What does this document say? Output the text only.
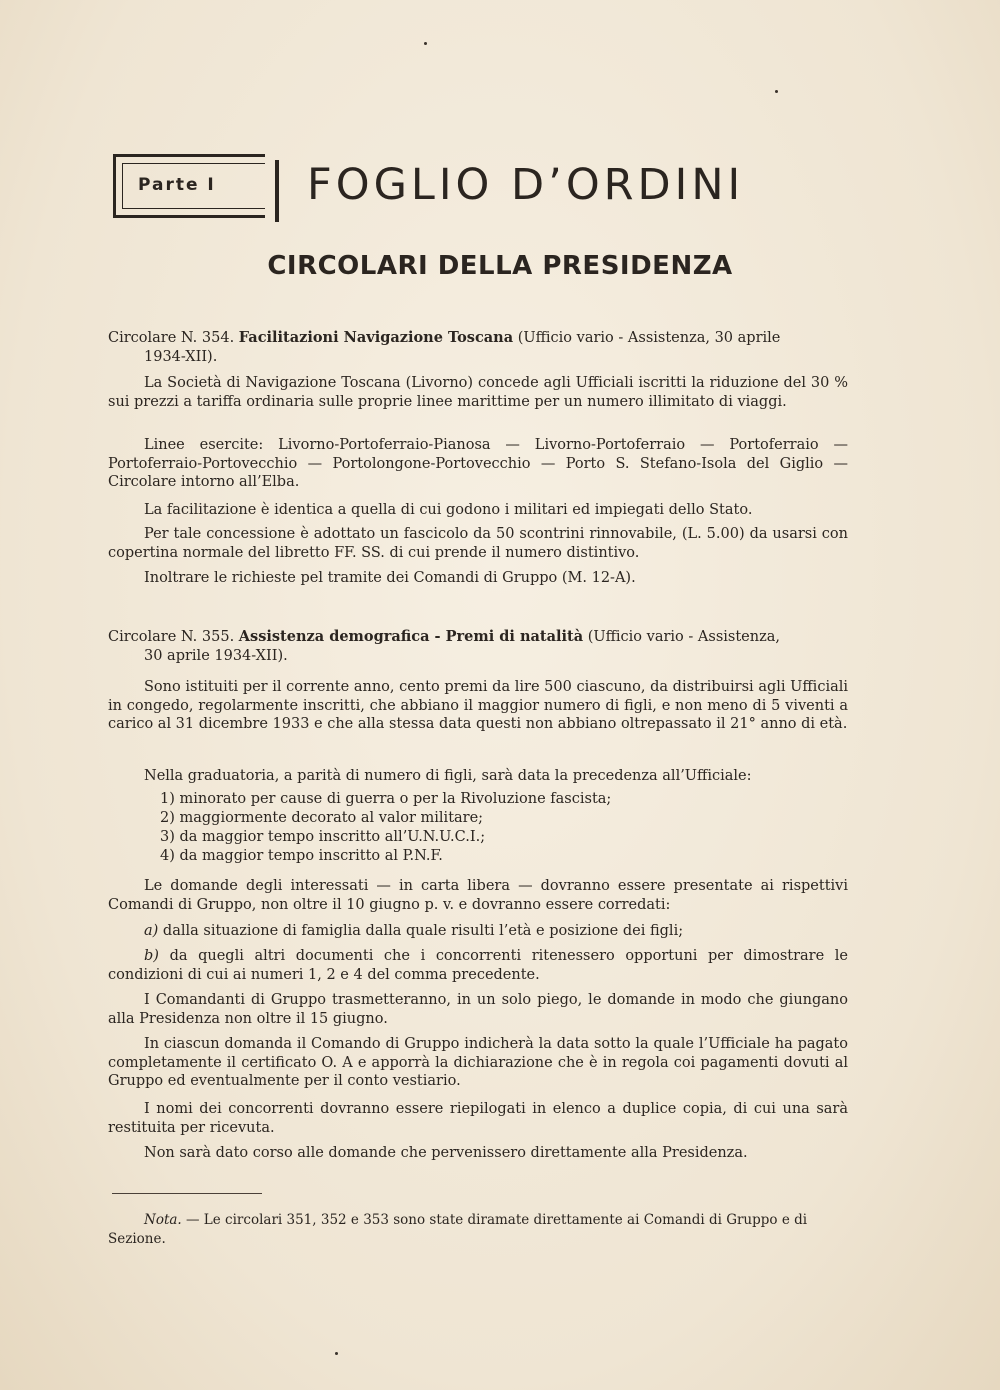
Parte I FOGLIO D’ORDINI
CIRCOLARI DELLA PRESIDENZA
Circolare N. 354. Facilitazioni Navigazione Toscana (Ufficio vario - Assistenza, 30 aprile
1934-XII).

La Società di Navigazione Toscana (Livorno) concede agli Ufficiali iscritti la riduzione del 30 % sui prezzi a tariffa ordinaria sulle proprie linee marittime per un numero illimitato di viaggi.

Linee esercite: Livorno-Portoferraio-Pianosa — Livorno-Portoferraio — Portoferraio — Portoferraio-Portovecchio — Portolongone-Portovecchio — Porto S. Stefano-Isola del Giglio — Circolare intorno all’Elba.

La facilitazione è identica a quella di cui godono i militari ed impiegati dello Stato.

Per tale concessione è adottato un fascicolo da 50 scontrini rinnovabile, (L. 5.00) da usarsi con copertina normale del libretto FF. SS. di cui prende il numero distintivo.

Inoltrare le richieste pel tramite dei Comandi di Gruppo (M. 12-A).

Circolare N. 355. Assistenza demografica - Premi di natalità (Ufficio vario - Assistenza,
30 aprile 1934-XII).

Sono istituiti per il corrente anno, cento premi da lire 500 ciascuno, da distribuirsi agli Ufficiali in congedo, regolarmente inscritti, che abbiano il maggior numero di figli, e non meno di 5 viventi a carico al 31 dicembre 1933 e che alla stessa data questi non abbiano oltrepassato il 21° anno di età.

Nella graduatoria, a parità di numero di figli, sarà data la precedenza all’Ufficiale:

1) minorato per cause di guerra o per la Rivoluzione fascista;

2) maggiormente decorato al valor militare;

3) da maggior tempo inscritto all’U.N.U.C.I.;

4) da maggior tempo inscritto al P.N.F.

Le domande degli interessati — in carta libera — dovranno essere presentate ai rispettivi Comandi di Gruppo, non oltre il 10 giugno p. v. e dovranno essere corredati:

a) dalla situazione di famiglia dalla quale risulti l’età e posizione dei figli;

b) da quegli altri documenti che i concorrenti ritenessero opportuni per dimostrare le condizioni di cui ai numeri 1, 2 e 4 del comma precedente.

I Comandanti di Gruppo trasmetteranno, in un solo piego, le domande in modo che giungano alla Presidenza non oltre il 15 giugno.

In ciascun domanda il Comando di Gruppo indicherà la data sotto la quale l’Ufficiale ha pagato completamente il certificato O. A e apporrà la dichiarazione che è in regola coi pagamenti dovuti al Gruppo ed eventualmente per il conto vestiario.

I nomi dei concorrenti dovranno essere riepilogati in elenco a duplice copia, di cui una sarà restituita per ricevuta.

Non sarà dato corso alle domande che pervenissero direttamente alla Presidenza.

Nota. — Le circolari 351, 352 e 353 sono state diramate direttamente ai Comandi di Gruppo e di Sezione.
